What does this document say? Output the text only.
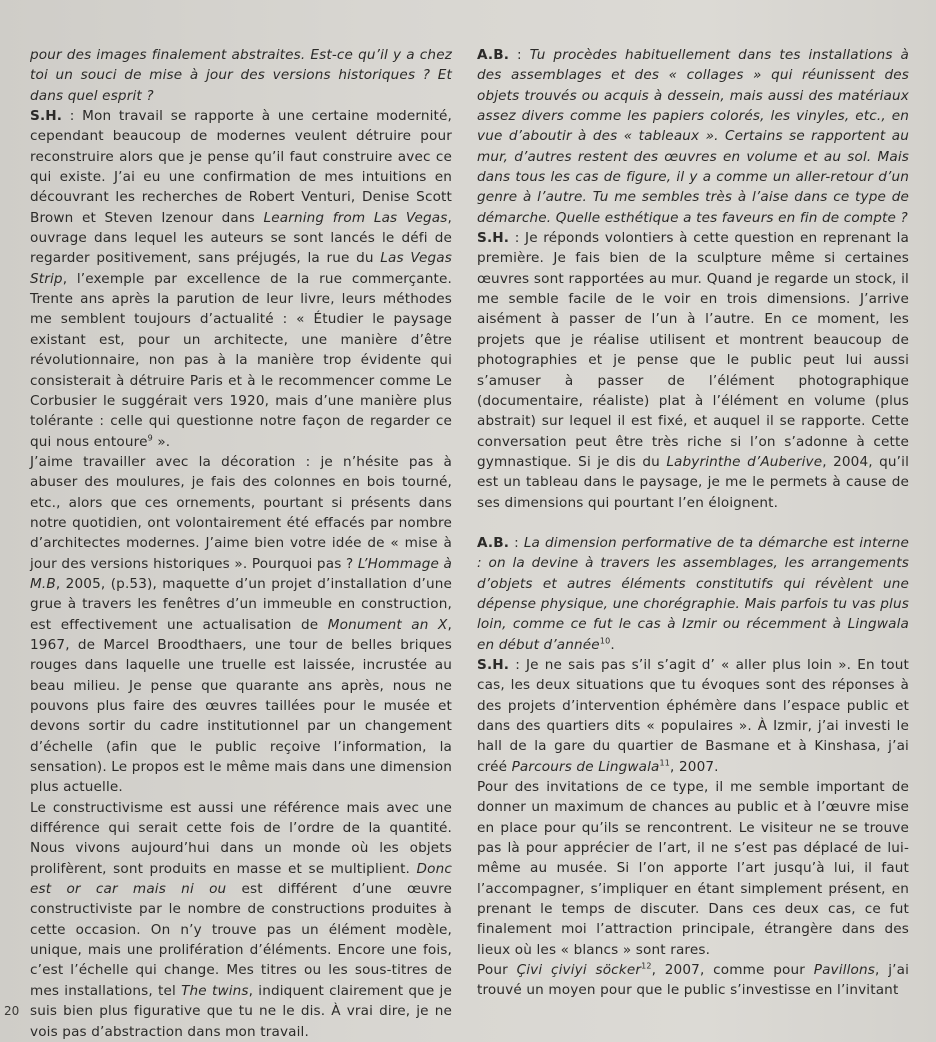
pour des images finalement abstraites. Est-ce qu’il y a chez toi un souci de mise à jour des versions historiques ? Et dans quel esprit ?

S.H. : Mon travail se rapporte à une certaine modernité, cependant beaucoup de modernes veulent détruire pour reconstruire alors que je pense qu’il faut construire avec ce qui existe. J’ai eu une confirmation de mes intuitions en découvrant les recherches de Robert Venturi, Denise Scott Brown et Steven Izenour dans Learning from Las Vegas, ouvrage dans lequel les auteurs se sont lancés le défi de regarder positivement, sans préjugés, la rue du Las Vegas Strip, l’exemple par excellence de la rue commerçante. Trente ans après la parution de leur livre, leurs méthodes me semblent toujours d’actualité : « Étudier le paysage existant est, pour un architecte, une manière d’être révolutionnaire, non pas à la manière trop évidente qui consisterait à détruire Paris et à le recommencer comme Le Corbusier le suggérait vers 1920, mais d’une manière plus tolérante : celle qui questionne notre façon de regarder ce qui nous entoure$^9$ ».

J’aime travailler avec la décoration : je n’hésite pas à abuser des moulures, je fais des colonnes en bois tourné, etc., alors que ces ornements, pourtant si présents dans notre quotidien, ont volontairement été effacés par nombre d’architectes modernes. J’aime bien votre idée de « mise à jour des versions historiques ». Pourquoi pas ? L’Hommage à M.B, 2005, (p.53), maquette d’un projet d’installation d’une grue à travers les fenêtres d’un immeuble en construction, est effectivement une actualisation de Monument an X, 1967, de Marcel Broodthaers, une tour de belles briques rouges dans laquelle une truelle est laissée, incrustée au beau milieu. Je pense que quarante ans après, nous ne pouvons plus faire des œuvres taillées pour le musée et devons sortir du cadre institutionnel par un changement d’échelle (afin que le public reçoive l’information, la sensation). Le propos est le même mais dans une dimension plus actuelle.

Le constructivisme est aussi une référence mais avec une différence qui serait cette fois de l’ordre de la quantité. Nous vivons aujourd’hui dans un monde où les objets prolifèrent, sont produits en masse et se multiplient. Donc est or car mais ni ou est différent d’une œuvre constructiviste par le nombre de constructions produites à cette occasion. On n’y trouve pas un élément modèle, unique, mais une prolifération d’éléments. Encore une fois, c’est l’échelle qui change. Mes titres ou les sous-titres de mes installations, tel The twins, indiquent clairement que je suis bien plus figurative que tu ne le dis. À vrai dire, je ne vois pas d’abstraction dans mon travail.

A.B. : Tu procèdes habituellement dans tes installations à des assemblages et des « collages » qui réunissent des objets trouvés ou acquis à dessein, mais aussi des matériaux assez divers comme les papiers colorés, les vinyles, etc., en vue d’aboutir à des « tableaux ». Certains se rapportent au mur, d’autres restent des œuvres en volume et au sol. Mais dans tous les cas de figure, il y a comme un aller-retour d’un genre à l’autre. Tu me sembles très à l’aise dans ce type de démarche. Quelle esthétique a tes faveurs en fin de compte ?

S.H. : Je réponds volontiers à cette question en reprenant la première. Je fais bien de la sculpture même si certaines œuvres sont rapportées au mur. Quand je regarde un stock, il me semble facile de le voir en trois dimensions. J’arrive aisément à passer de l’un à l’autre. En ce moment, les projets que je réalise utilisent et montrent beaucoup de photographies et je pense que le public peut lui aussi s’amuser à passer de l’élément photographique (documentaire, réaliste) plat à l’élément en volume (plus abstrait) sur lequel il est fixé, et auquel il se rapporte. Cette conversation peut être très riche si l’on s’adonne à cette gymnastique. Si je dis du Labyrinthe d’Auberive, 2004, qu’il est un tableau dans le paysage, je me le permets à cause de ses dimensions qui pourtant l’en éloignent.

A.B. : La dimension performative de ta démarche est interne : on la devine à travers les assemblages, les arrangements d’objets et autres éléments constitutifs qui révèlent une dépense physique, une chorégraphie. Mais parfois tu vas plus loin, comme ce fut le cas à Izmir ou récemment à Lingwala en début d’année$^{10}$.

S.H. : Je ne sais pas s’il s’agit d’ « aller plus loin ». En tout cas, les deux situations que tu évoques sont des réponses à des projets d’intervention éphémère dans l’espace public et dans des quartiers dits « populaires ». À Izmir, j’ai investi le hall de la gare du quartier de Basmane et à Kinshasa, j’ai créé Parcours de Lingwala$^{11}$, 2007.

Pour des invitations de ce type, il me semble important de donner un maximum de chances au public et à l’œuvre mise en place pour qu’ils se rencontrent. Le visiteur ne se trouve pas là pour apprécier de l’art, il ne s’est pas déplacé de lui-même au musée. Si l’on apporte l’art jusqu’à lui, il faut l’accompagner, s’impliquer en étant simplement présent, en prenant le temps de discuter. Dans ces deux cas, ce fut finalement moi l’attraction principale, étrangère dans des lieux où les « blancs » sont rares.

Pour Çivi çiviyi söcker$^{12}$, 2007, comme pour Pavillons, j’ai trouvé un moyen pour que le public s’investisse en l’invitant

20
